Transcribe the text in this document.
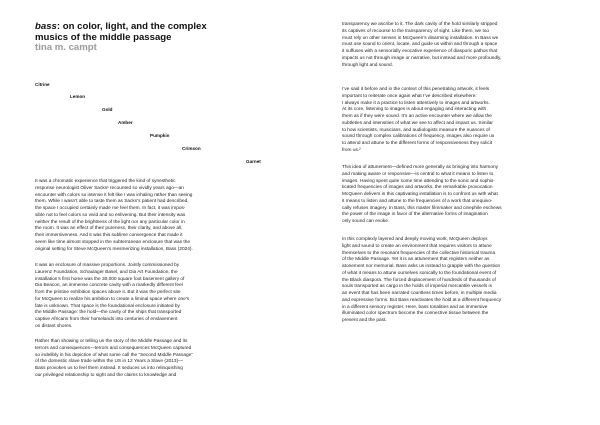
bass: on color, light, and the complex
musics of the middle passage
tina m. campt
Citrine
Lemon
Gold
Amber
Pumpkin
Crimson
Garnet
It was a chromatic experience that triggered the kind of synesthetic
response neurologist Oliver Sacks¹ recounted so vividly years ago—an
encounter with colors so intense it felt like I was inhaling rather than seeing
them. While I wasn’t able to taste them as Sacks’s patient had described,
the space I occupied certainly made me feel them. In fact, it was impos-
sible not to feel colors so vivid and so enlivening. But their intensity was
neither the result of the brightness of the light nor any particular color in
the room. It was an effect of their pureness, their clarity, and above all,
their immersiveness. And it was this sublime convergence that made it
seem like time almost stopped in the subterranean enclosure that was the
original setting for Steve McQueen’s mesmerizing installation, Bass (2024).
It was an enclosure of massive proportions. Jointly commissioned by
Laurenz Foundation, Schaulager Basel, and Dia Art Foundation, the
installation’s first home was the 30,000 square foot basement gallery of
Dia Beacon, an immense concrete cavity with a markedly different feel
from the pristine exhibition spaces above it. But it was the perfect site
for McQueen to realize his ambition to create a liminal space where one’s
fate is unknown. That space is the foundational enclosure initiated by
the Middle Passage: the hold—the cavity of the ships that transported
captive Africans from their homelands into centuries of enslavement
on distant shores.
Rather than showing or telling us the story of the Middle Passage and its
terrors and consequences—terrors and consequences McQueen captured
so indelibly in his depiction of what some call the “Second Middle Passage”
of the domestic slave trade within the US in 12 Years a Slave (2013)—
Bass provokes us to feel them instead. It seduces us into relinquishing
our privileged relationship to sight and the claims to knowledge and
transparency we ascribe to it. The dark cavity of the hold similarly stripped
its captives of recourse to the transparency of sight. Like them, we too
must rely on other senses in McQueen’s disarming installation. In Bass we
must use sound to orient, locate, and guide us within and through a space
it suffuses with a sensorially evocative experience of diasporic pathos that
impacts us not through image or narrative, but instead and more profoundly,
through light and sound.
I’ve said it before and in the context of this penetrating artwork, it feels
important to reiterate once again what I’ve described elsewhere:
I always make it a practice to listen attentively to images and artworks.
At its core, listening to images is about engaging and interacting with
them as if they were sound. It’s an active encounter where we allow the
subtleties and intensities of what we see to affect and impact us. Similar
to how scientists, musicians, and audiologists measure the nuances of
sound through complex calibrations of frequency, images also require us
to attend and attune to the different forms of responsiveness they solicit
from us.²
This idea of attunement—defined more generally as bringing into harmony
and making aware or responsive—is central to what it means to listen to
images. Having spent quite some time attending to the sonic and sophis-
ticated frequencies of images and artworks, the remarkable provocation
McQueen delivers in this captivating installation is to confront us with what
it means to listen and attune to the frequencies of a work that unequivo-
cally refuses imagery. In Bass, this master filmmaker and cinephile eschews
the power of the image in favor of the alternative forms of imagination
only sound can evoke.
In this complexly layered and deeply moving work, McQueen deploys
light and sound to create an environment that requires visitors to attune
themselves to the resonant frequencies of the collective historical trauma
of the Middle Passage. Yet it is an attunement that registers neither as
atonement nor memorial. Bass asks us instead to grapple with the question
of what it means to attune ourselves sonically to the foundational event of
the Black diaspora. The forced displacement of hundreds of thousands of
souls transported as cargo in the holds of imperial mercantile vessels is
an event that has been narrated countless times before, in multiple media
and expressive forms. But Bass reactivates the hold at a different frequency
in a different sensory register. Here, bass tonalities and an immersive
illuminated color spectrum become the connective tissue between the
present and the past.
